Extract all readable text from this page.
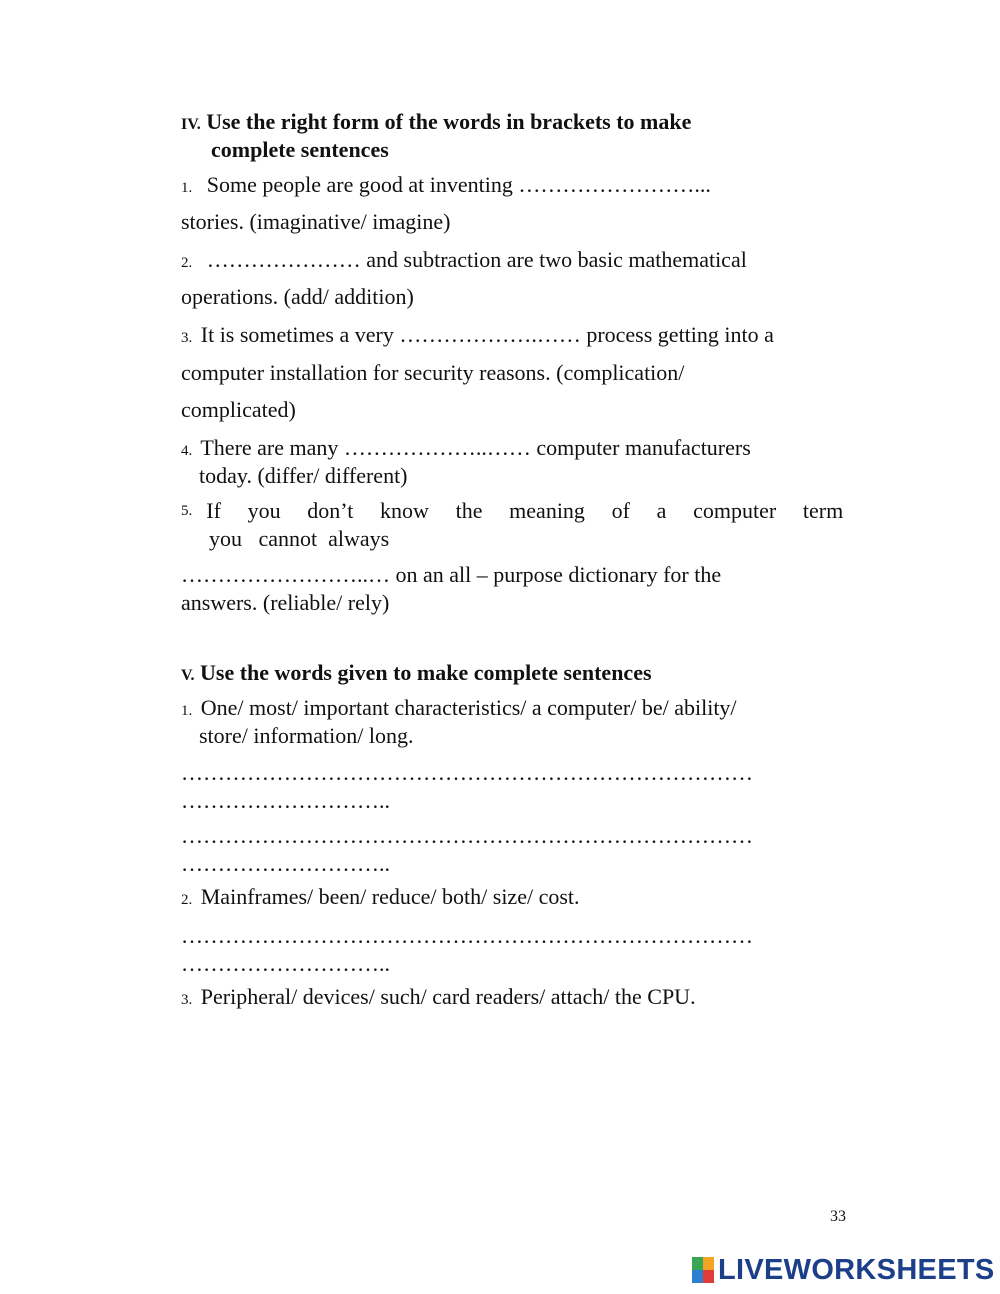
IV. Use the right form of the words in brackets to make
complete sentences
1. Some people are good at inventing ……………………...
stories. (imaginative/ imagine)
2. ………………… and subtraction are two basic mathematical
operations. (add/ addition)
3. It is sometimes a very ……………….…… process getting into a
computer installation for security reasons. (complication/
complicated)
4. There are many ………………..…… computer manufacturers
today. (differ/ different)
5. If you don’t know the meaning of a computer term
you   cannot  always
……………………..… on an all – purpose dictionary for the
answers. (reliable/ rely)
V. Use the words given to make complete sentences
1. One/ most/ important characteristics/ a computer/ be/ ability/
store/ information/ long.
……………………………………………………………………
………………………..
……………………………………………………………………
………………………..
2. Mainframes/ been/ reduce/ both/ size/ cost.
……………………………………………………………………
………………………..
3. Peripheral/ devices/ such/ card readers/ attach/ the CPU.
33
LIVEWORKSHEETS
